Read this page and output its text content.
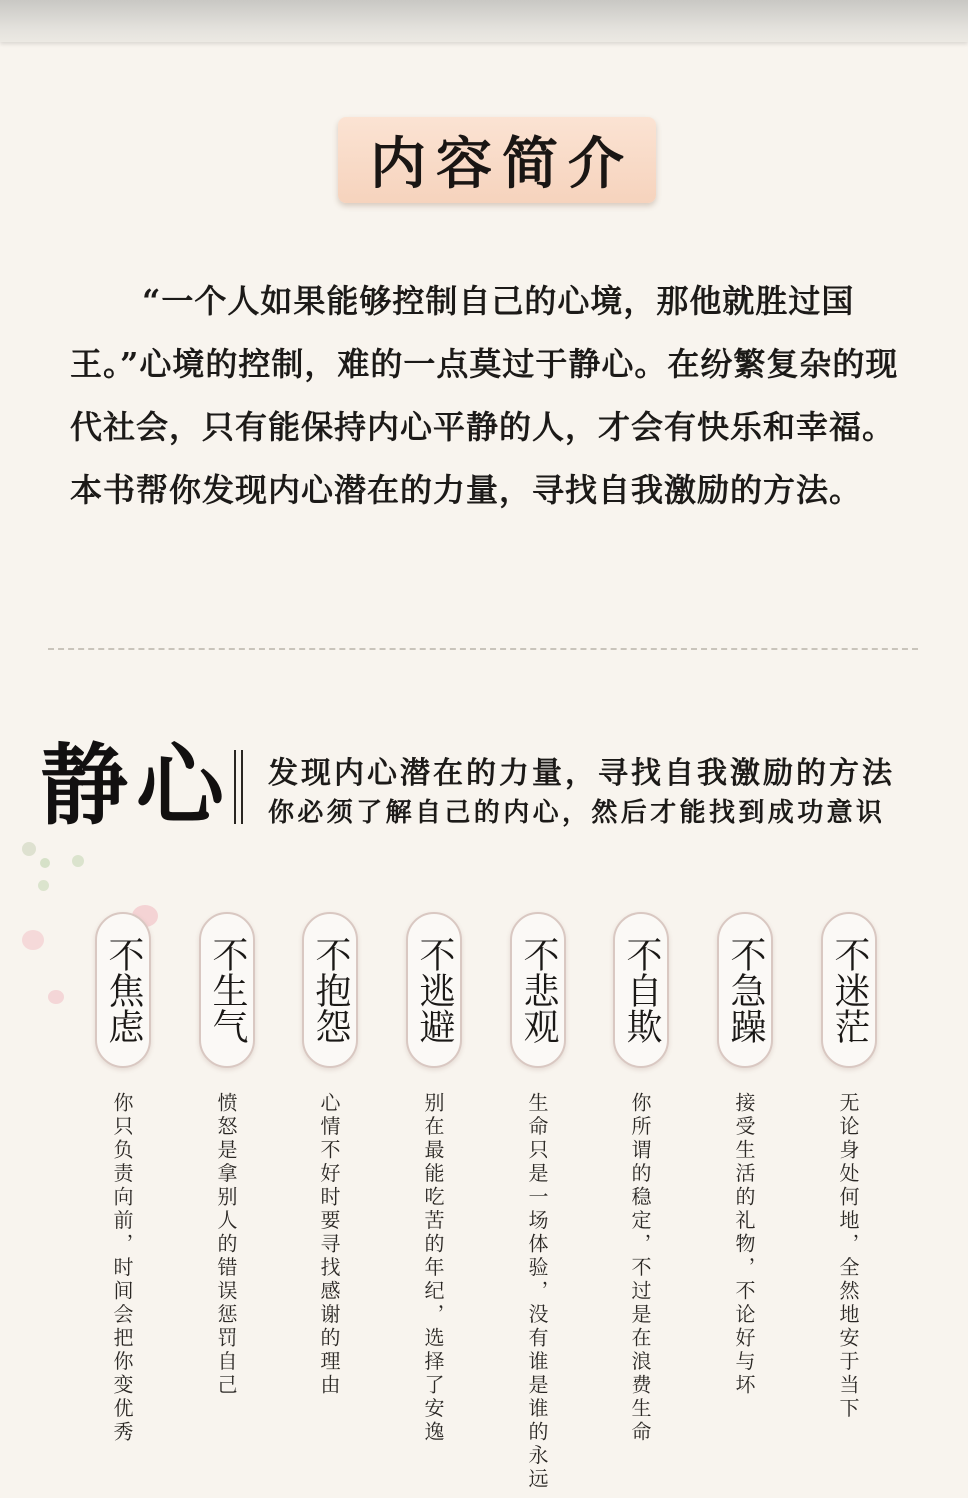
内容简介

“一个人如果能够控制自己的心境，那他就胜过国王。”心境的控制，难的一点莫过于静心。在纷繁复杂的现代社会，只有能保持内心平静的人，才会有快乐和幸福。本书帮你发现内心潜在的力量，寻找自我激励的方法。

静心 发现内心潜在的力量，寻找自我激励的方法
你必须了解自己的内心，然后才能找到成功意识
不焦虑
你只负责向前，时间会把你变优秀
不生气
愤怒是拿别人的错误惩罚自己
不抱怨
心情不好时要寻找感谢的理由
不逃避
别在最能吃苦的年纪，选择了安逸
不悲观
生命只是一场体验，没有谁是谁的永远
不自欺
你所谓的稳定，不过是在浪费生命
不急躁
接受生活的礼物，不论好与坏
不迷茫
无论身处何地，全然地安于当下
